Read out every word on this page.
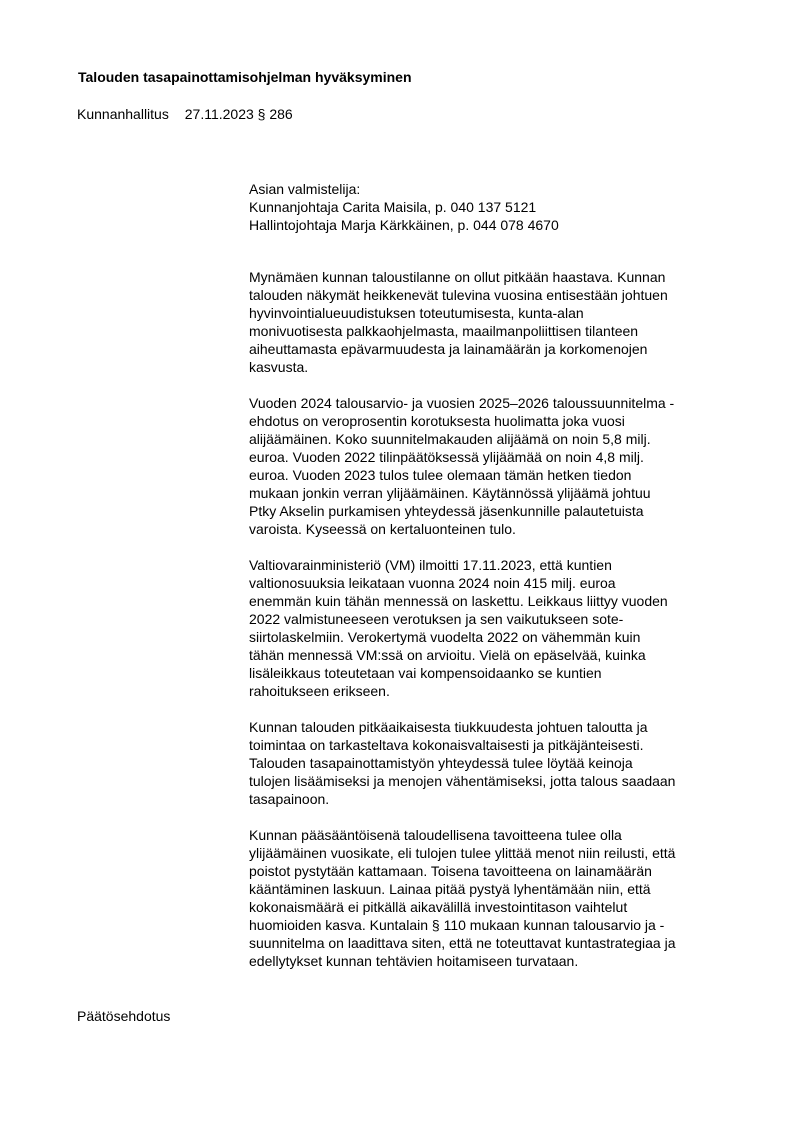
Talouden tasapainottamisohjelman hyväksyminen
Kunnanhallitus 27.11.2023 § 286
Asian valmistelija:
Kunnanjohtaja Carita Maisila, p. 040 137 5121
Hallintojohtaja Marja Kärkkäinen, p. 044 078 4670
Mynämäen kunnan taloustilanne on ollut pitkään haastava. Kunnan
talouden näkymät heikkenevät tulevina vuosina entisestään johtuen
hyvinvointialueuudistuksen toteutumisesta, kunta-alan
monivuotisesta palkkaohjelmasta, maailmanpoliittisen tilanteen
aiheuttamasta epävarmuudesta ja lainamäärän ja korkomenojen
kasvusta.
Vuoden 2024 talousarvio- ja vuosien 2025–2026 taloussuunnitelma -
ehdotus on veroprosentin korotuksesta huolimatta joka vuosi
alijäämäinen. Koko suunnitelmakauden alijäämä on noin 5,8 milj.
euroa. Vuoden 2022 tilinpäätöksessä ylijäämää on noin 4,8 milj.
euroa. Vuoden 2023 tulos tulee olemaan tämän hetken tiedon
mukaan jonkin verran ylijäämäinen. Käytännössä ylijäämä johtuu
Ptky Akselin purkamisen yhteydessä jäsenkunnille palautetuista
varoista. Kyseessä on kertaluonteinen tulo.
Valtiovarainministeriö (VM) ilmoitti 17.11.2023, että kuntien
valtionosuuksia leikataan vuonna 2024 noin 415 milj. euroa
enemmän kuin tähän mennessä on laskettu. Leikkaus liittyy vuoden
2022 valmistuneeseen verotuksen ja sen vaikutukseen sote-
siirtolaskelmiin. Verokertymä vuodelta 2022 on vähemmän kuin
tähän mennessä VM:ssä on arvioitu. Vielä on epäselvää, kuinka
lisäleikkaus toteutetaan vai kompensoidaanko se kuntien
rahoitukseen erikseen.
Kunnan talouden pitkäaikaisesta tiukkuudesta johtuen taloutta ja
toimintaa on tarkasteltava kokonaisvaltaisesti ja pitkäjänteisesti.
Talouden tasapainottamistyön yhteydessä tulee löytää keinoja
tulojen lisäämiseksi ja menojen vähentämiseksi, jotta talous saadaan
tasapainoon.
Kunnan pääsääntöisenä taloudellisena tavoitteena tulee olla
ylijäämäinen vuosikate, eli tulojen tulee ylittää menot niin reilusti, että
poistot pystytään kattamaan. Toisena tavoitteena on lainamäärän
kääntäminen laskuun. Lainaa pitää pystyä lyhentämään niin, että
kokonaismäärä ei pitkällä aikavälillä investointitason vaihtelut
huomioiden kasva. Kuntalain § 110 mukaan kunnan talousarvio ja -
suunnitelma on laadittava siten, että ne toteuttavat kuntastrategiaa ja
edellytykset kunnan tehtävien hoitamiseen turvataan.
Päätösehdotus
